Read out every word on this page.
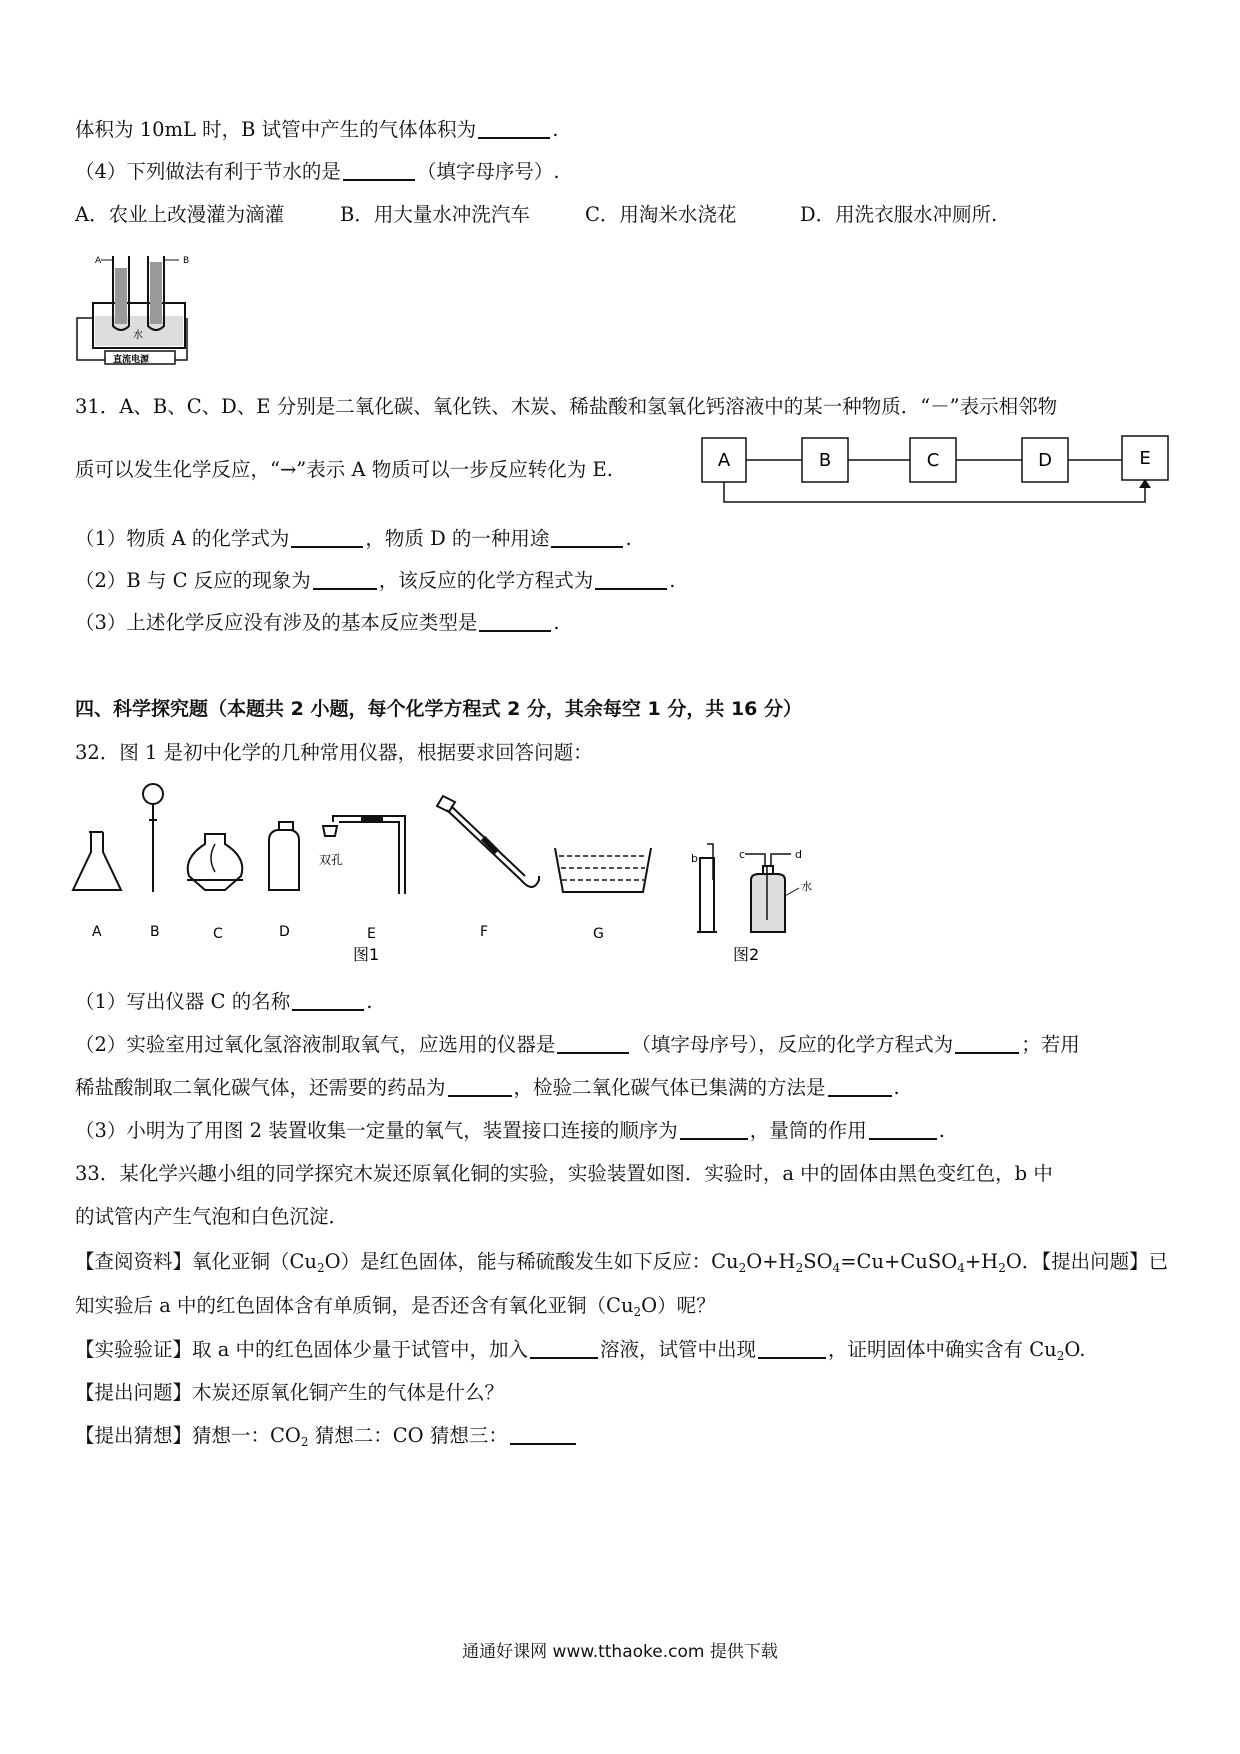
体积为 10mL 时，B 试管中产生的气体体积为	.
（4）下列做法有利于节水的是	（填字母序号）.
A．农业上改漫灌为滴灌	B．用大量水冲洗汽车	C．用淘米水浇花	D．用洗衣服水冲厕所.
A	B
水
直流电源
31．A、B、C、D、E 分别是二氧化碳、氧化铁、木炭、稀盐酸和氢氧化钙溶液中的某一种物质．“－”表示相邻物
质可以发生化学反应，“→”表示 A 物质可以一步反应转化为 E.	A	B	C	D	E
（1）物质 A 的化学式为	，物质 D 的一种用途	.
（2）B 与 C 反应的现象为	，该反应的化学方程式为	.
（3）上述化学反应没有涉及的基本反应类型是	.
四、科学探究题（本题共 2 小题，每个化学方程式 2 分，其余每空 1 分，共 16 分）
32．图 1 是初中化学的几种常用仪器，根据要求回答问题：
双孔
A	B	C	D	E	F	G
图1
b	c	d
水
图2
（1）写出仪器 C 的名称	.
（2）实验室用过氧化氢溶液制取氧气，应选用的仪器是	（填字母序号），反应的化学方程式为	；若用
稀盐酸制取二氧化碳气体，还需要的药品为	，检验二氧化碳气体已集满的方法是	.
（3）小明为了用图 2 装置收集一定量的氧气，装置接口连接的顺序为	，量筒的作用	.
33．某化学兴趣小组的同学探究木炭还原氧化铜的实验，实验装置如图．实验时，a 中的固体由黑色变红色，b 中
的试管内产生气泡和白色沉淀．
【查阅资料】氧化亚铜$(Cu_2O)$是红色固体，能与稀硫酸发生如下反应：$Cu_2O+H_2SO_4=Cu+CuSO_4+H_2O$．【提出问题】已
知实验后 a 中的红色固体含有单质铜，是否还含有氧化亚铜$(Cu_2O)$呢？
【实验验证】取 a 中的红色固体少量于试管中，加入	溶液，试管中出现	，证明固体中确实含有 $Cu_2O$.
【提出问题】木炭还原氧化铜产生的气体是什么？
【提出猜想】猜想一：$CO_2$ 猜想二：CO 猜想三：
通通好课网 www.tthaoke.com 提供下载
